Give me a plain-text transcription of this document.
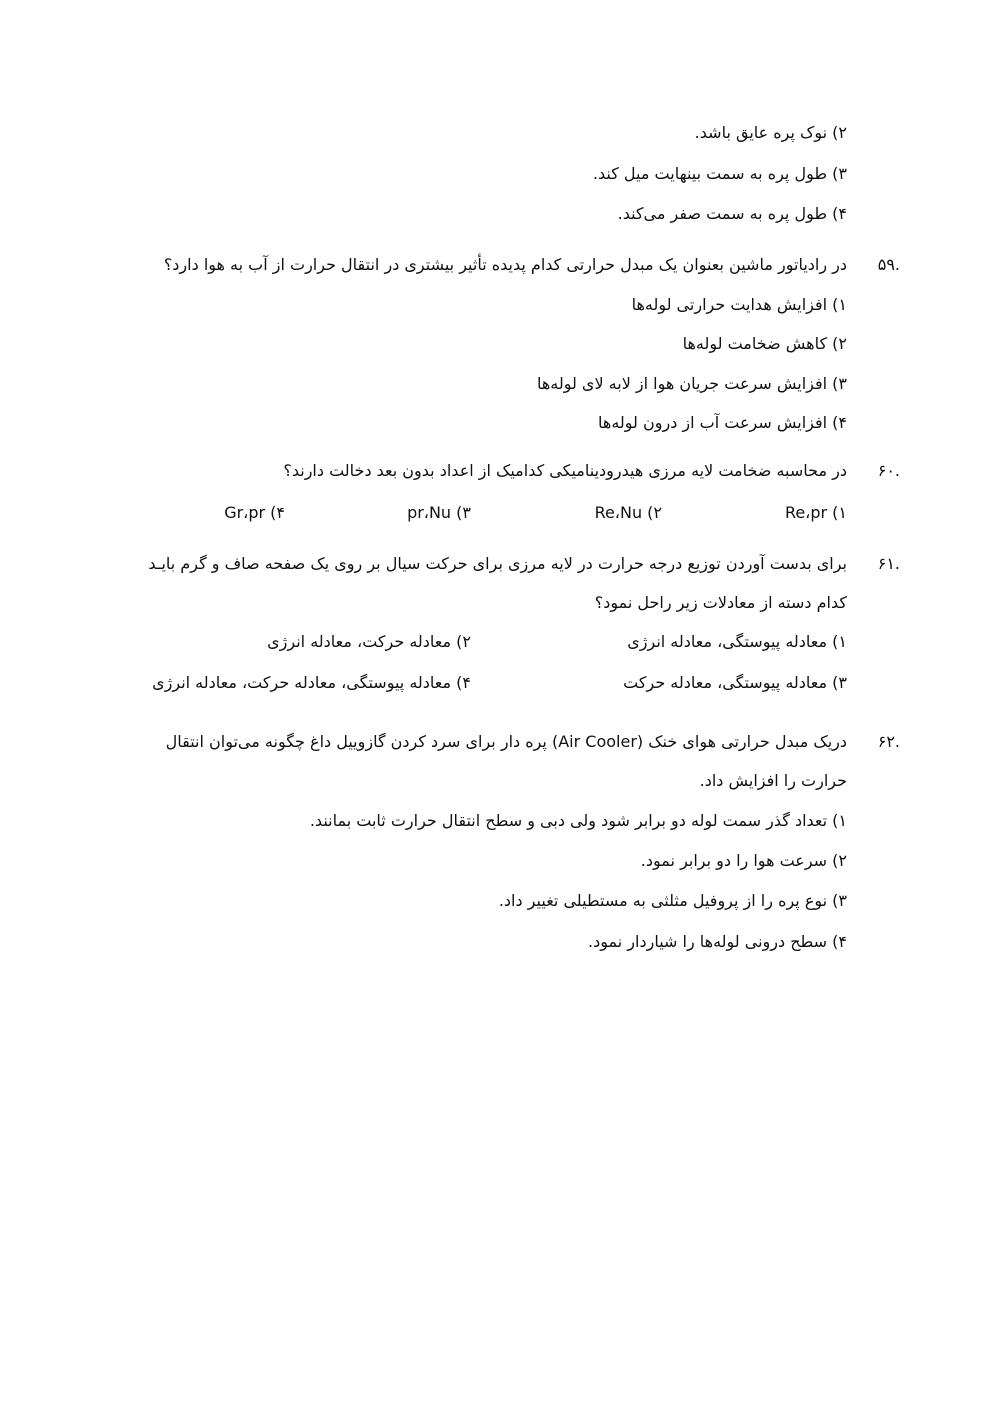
۲) نوک پره عایق باشد.
۳) طول پره به سمت بینهایت میل کند.
۴) طول پره به سمت صفر می‌کند.
.۵۹
در رادیاتور ماشین بعنوان یک مبدل حرارتی کدام پدیده تأثیر بیشتری در انتقال حرارت از آب به هوا دارد؟
۱) افزایش هدایت حرارتی لوله‌ها
۲) کاهش ضخامت لوله‌ها
۳) افزایش سرعت جریان هوا از لابه لای لوله‌ها
۴) افزایش سرعت آب از درون لوله‌ها
.۶۰
در محاسبه ضخامت لایه مرزی هیدرودینامیکی کدامیک از اعداد بدون بعد دخالت دارند؟
۱) Re،pr
۲) Re،Nu
۳) pr،Nu
۴) Gr،pr
.۶۱
برای بدست آوردن توزیع درجه حرارت در لایه مرزی برای حرکت سیال بر روی یک صفحه صاف و گرم بایـد
کدام دسته از معادلات زیر راحل نمود؟
۱) معادله پیوستگی، معادله انرژی
۲) معادله حرکت، معادله انرژی
۳) معادله پیوستگی، معادله حرکت
۴) معادله پیوستگی، معادله حرکت، معادله انرژی
.۶۲
دریک مبدل حرارتی هوای خنک (Air Cooler) پره دار برای سرد کردن گازوییل داغ چگونه می‌توان انتقال
حرارت را افزایش داد.
۱) تعداد گذر سمت لوله دو برابر شود ولی دبی و سطح انتقال حرارت ثابت بمانند.
۲) سرعت هوا را دو برابر نمود.
۳) نوع پره را از پروفیل مثلثی به مستطیلی تغییر داد.
۴) سطح درونی لوله‌ها را شیاردار نمود.
